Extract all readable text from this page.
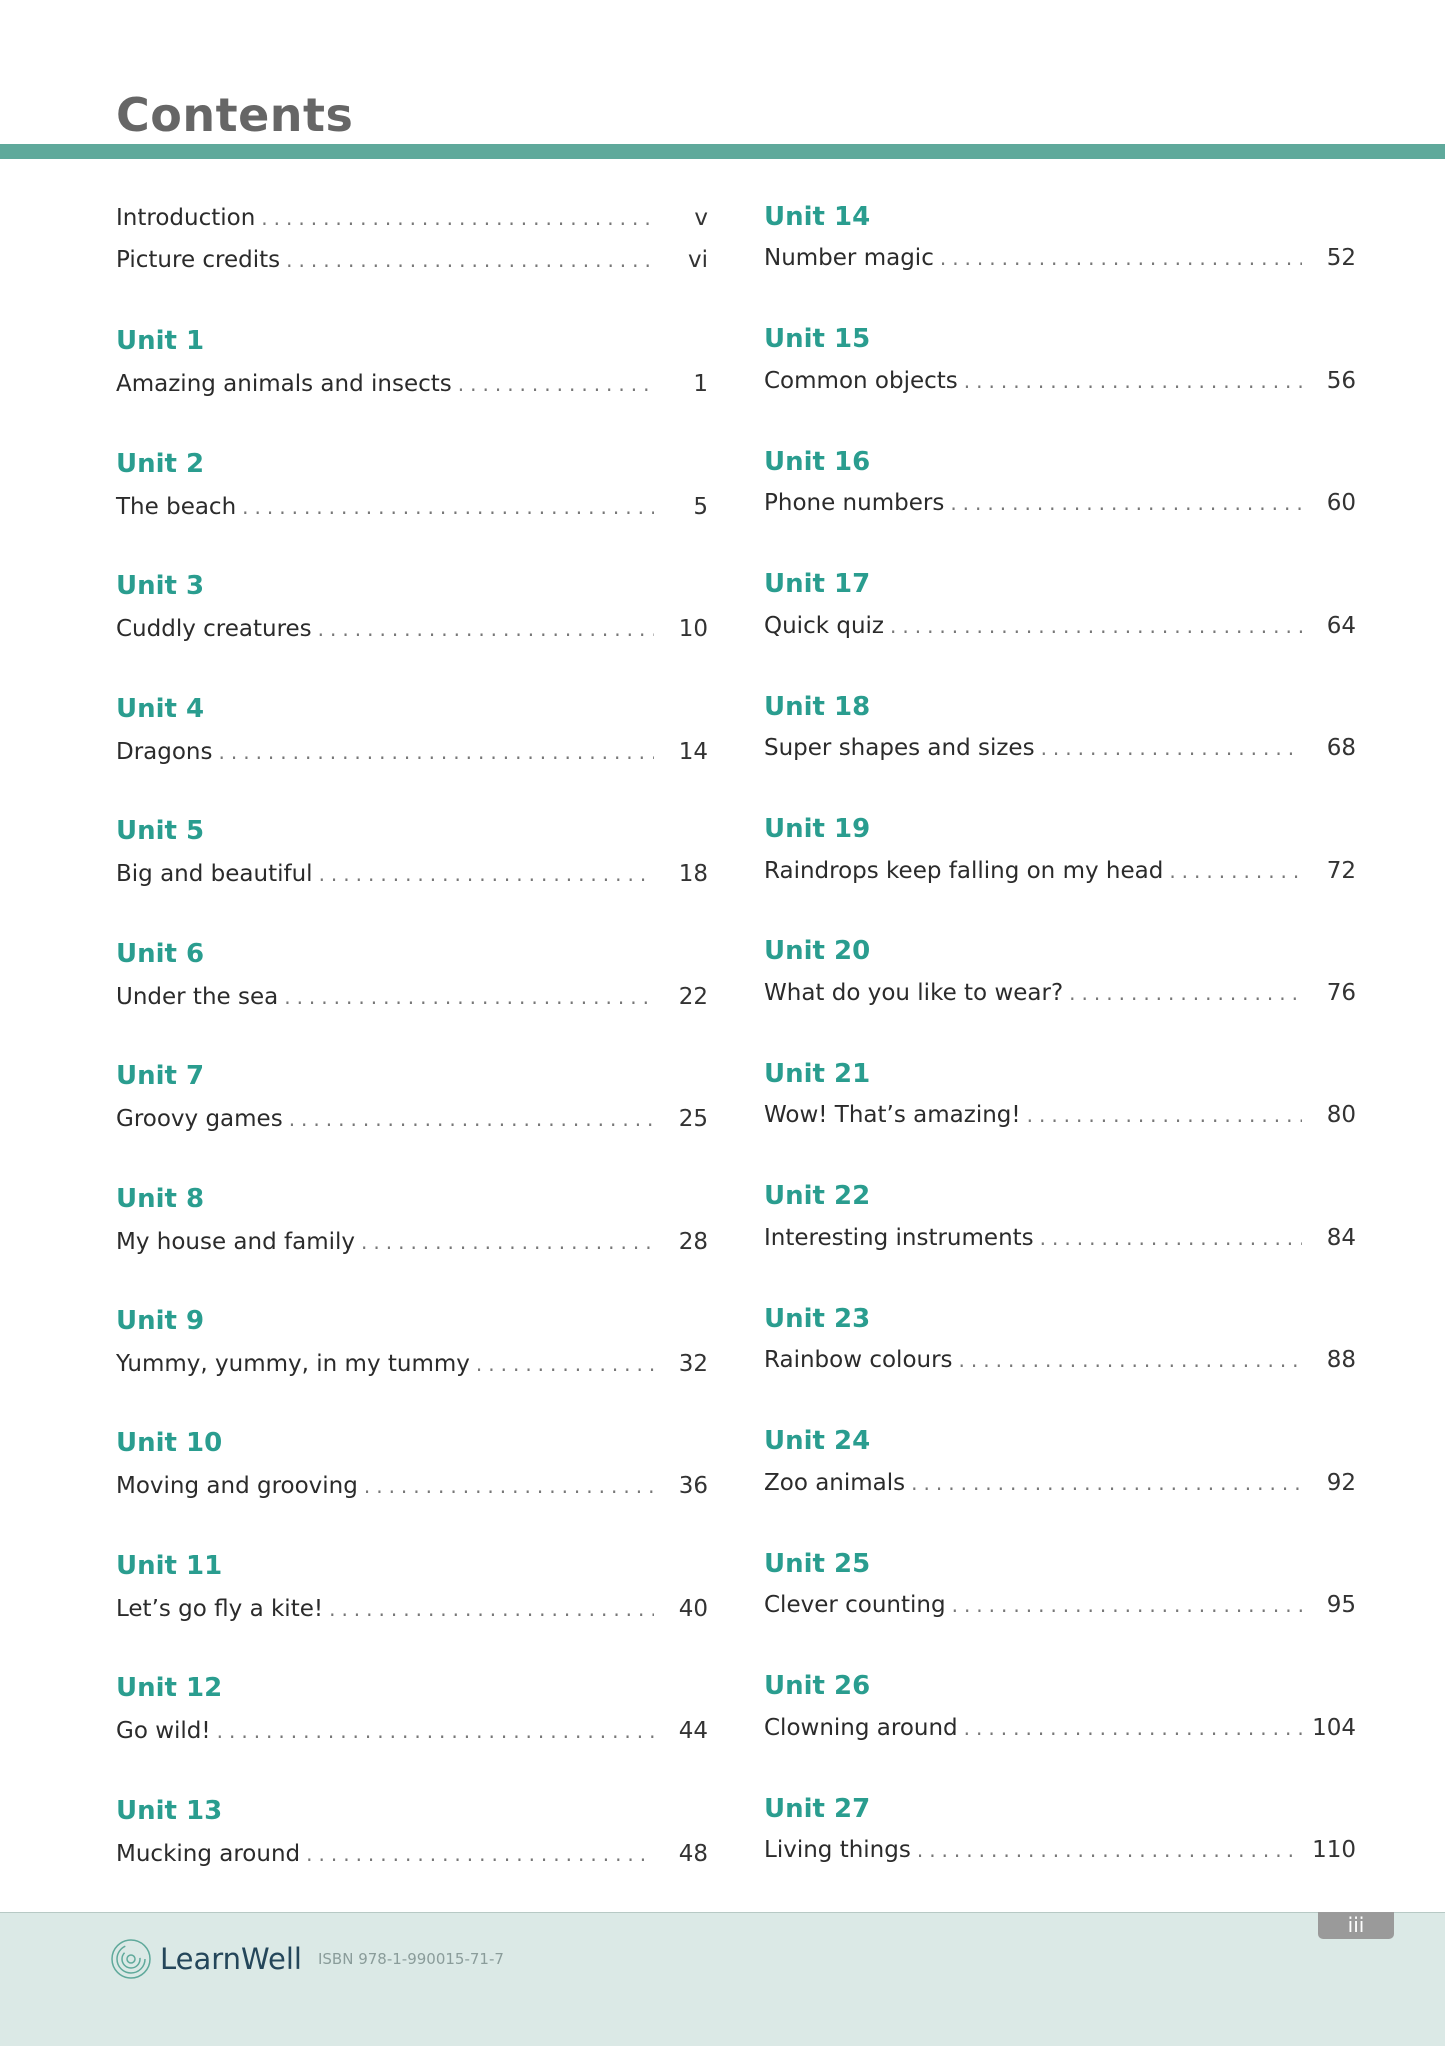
Contents
Introduction .....	v
Picture credits .....	vi
Unit 1
Amazing animals and insects .....	1
Unit 2
The beach .....	5
Unit 3
Cuddly creatures .....	10
Unit 4
Dragons .....	14
Unit 5
Big and beautiful .....	18
Unit 6
Under the sea .....	22
Unit 7
Groovy games .....	25
Unit 8
My house and family .....	28
Unit 9
Yummy, yummy, in my tummy .....	32
Unit 10
Moving and grooving .....	36
Unit 11
Let’s go fly a kite! .....	40
Unit 12
Go wild! .....	44
Unit 13
Mucking around .....	48
Unit 14
Number magic .....	52
Unit 15
Common objects .....	56
Unit 16
Phone numbers .....	60
Unit 17
Quick quiz .....	64
Unit 18
Super shapes and sizes .....	68
Unit 19
Raindrops keep falling on my head .....	72
Unit 20
What do you like to wear? .....	76
Unit 21
Wow! That’s amazing! .....	80
Unit 22
Interesting instruments .....	84
Unit 23
Rainbow colours .....	88
Unit 24
Zoo animals .....	92
Unit 25
Clever counting .....	95
Unit 26
Clowning around .....	104
Unit 27
Living things .....	110
iii
LearnWell ISBN 978-1-990015-71-7
